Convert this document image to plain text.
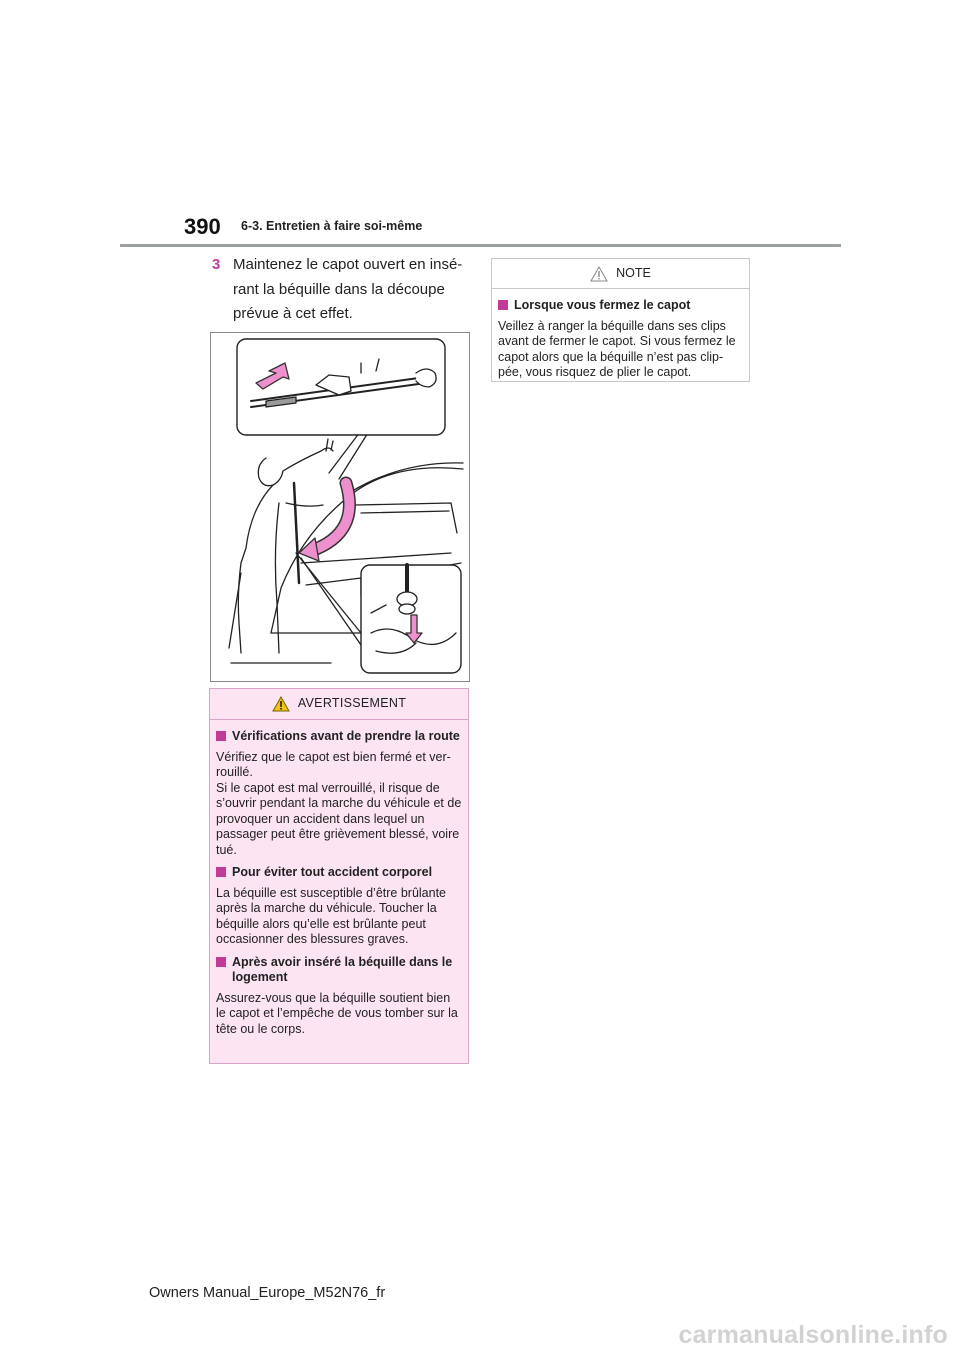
390 6-3. Entretien à faire soi-même
3 Maintenez le capot ouvert en insé-rant la béquille dans la découpe prévue à cet effet.
AVERTISSEMENT
Vérifications avant de prendre la route
Vérifiez que le capot est bien fermé et ver-rouillé.
Si le capot est mal verrouillé, il risque de s’ouvrir pendant la marche du véhicule et de provoquer un accident dans lequel un passager peut être grièvement blessé, voire tué.
Pour éviter tout accident corporel
La béquille est susceptible d’être brûlante après la marche du véhicule. Toucher la béquille alors qu’elle est brûlante peut occasionner des blessures graves.
Après avoir inséré la béquille dans le logement
Assurez-vous que la béquille soutient bien le capot et l’empêche de vous tomber sur la tête ou le corps.
NOTE
Lorsque vous fermez le capot
Veillez à ranger la béquille dans ses clips avant de fermer le capot. Si vous fermez le capot alors que la béquille n’est pas clip-pée, vous risquez de plier le capot.
Owners Manual_Europe_M52N76_fr
carmanualsonline.info
